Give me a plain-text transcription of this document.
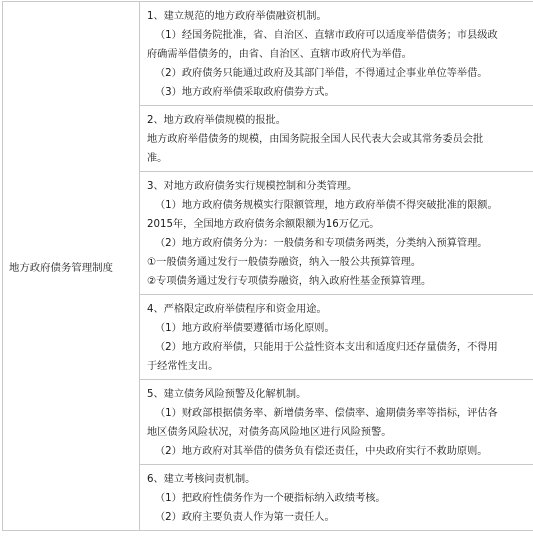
地方政府债务管理制度	
1、建立规范的地方政府举债融资机制。
（1）经国务院批准，省、自治区、直辖市政府可以适度举借债务；市县级政
府确需举借债务的，由省、自治区、直辖市政府代为举借。
（2）政府债务只能通过政府及其部门举借，不得通过企事业单位等举借。
（3）地方政府举债采取政府债券方式。

2、地方政府举债规模的报批。
地方政府举借债务的规模，由国务院报全国人民代表大会或其常务委员会批
准。

3、对地方政府债务实行规模控制和分类管理。
（1）地方政府债务规模实行限额管理，地方政府举债不得突破批准的限额。
2015年，全国地方政府债务余额限额为16万亿元。
（2）地方政府债务分为：一般债务和专项债务两类，分类纳入预算管理。
①一般债务通过发行一般债券融资，纳入一般公共预算管理。
②专项债务通过发行专项债券融资，纳入政府性基金预算管理。

4、严格限定政府举债程序和资金用途。
（1）地方政府举债要遵循市场化原则。
（2）地方政府举债，只能用于公益性资本支出和适度归还存量债务，不得用
于经常性支出。

5、建立债务风险预警及化解机制。
（1）财政部根据债务率、新增债务率、偿债率、逾期债务率等指标，评估各
地区债务风险状况，对债务高风险地区进行风险预警。
（2）地方政府对其举借的债务负有偿还责任，中央政府实行不救助原则。

6、建立考核问责机制。
（1）把政府性债务作为一个硬指标纳入政绩考核。
（2）政府主要负责人作为第一责任人。
